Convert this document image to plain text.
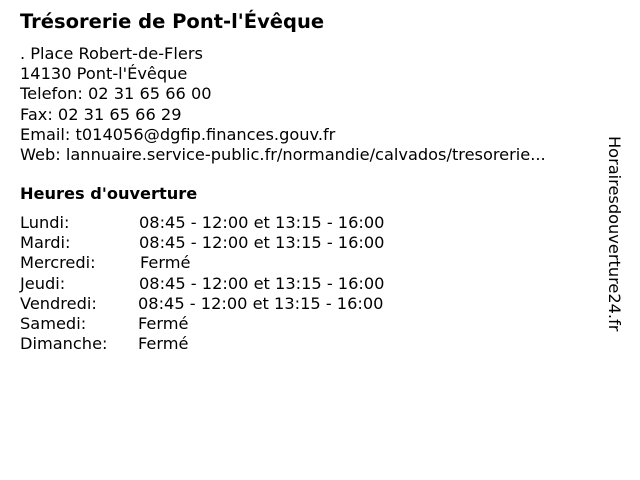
Trésorerie de Pont-l'Évêque
. Place Robert-de-Flers
14130 Pont-l'Évêque
Telefon: 02 31 65 66 00
Fax: 02 31 65 66 29
Email: t014056@dgfip.finances.gouv.fr
Web: lannuaire.service-public.fr/normandie/calvados/tresorerie...
Heures d'ouverture
Lundi:	08:45 - 12:00 et 13:15 - 16:00
Mardi:	08:45 - 12:00 et 13:15 - 16:00
Mercredi:	Fermé
Jeudi:	08:45 - 12:00 et 13:15 - 16:00
Vendredi:	08:45 - 12:00 et 13:15 - 16:00
Samedi:	Fermé
Dimanche:	Fermé
Horairesdouverture24.fr
